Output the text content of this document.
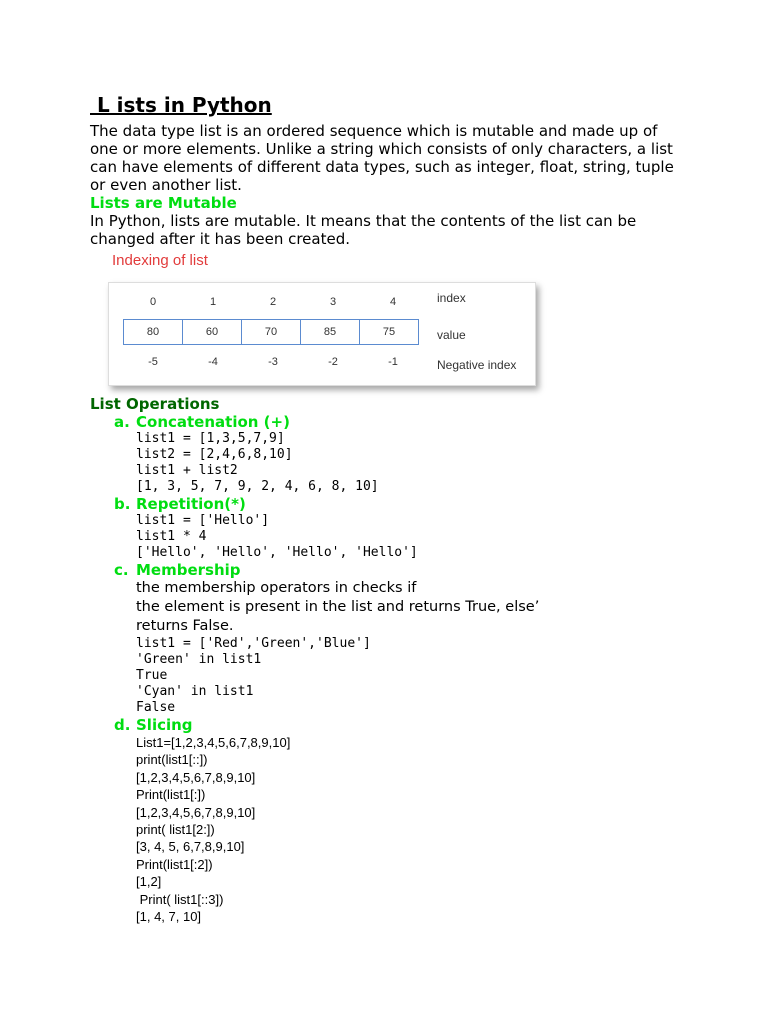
L ists in Python

The data type list is an ordered sequence which is mutable and made up of one or more elements. Unlike a string which consists of only characters, a list can have elements of different data types, such as integer, float, string, tuple or even another list.

Lists are Mutable

In Python, lists are mutable. It means that the contents of the list can be changed after it has been created.

Indexing of list
0	1	2	3	4
80	60	70	85	75
-5	-4	-3	-2	-1
index
value
Negative index

List Operations

a. Concatenation (+)

list1 = [1,3,5,7,9]

list2 = [2,4,6,8,10]

list1 + list2

[1, 3, 5, 7, 9, 2, 4, 6, 8, 10]

b. Repetition(*)

list1 = ['Hello']

list1 * 4

['Hello', 'Hello', 'Hello', 'Hello']

c. Membership

the membership operators in checks if

the element is present in the list and returns True, else’

returns False.

list1 = ['Red','Green','Blue']

'Green' in list1

True

'Cyan' in list1

False

d. Slicing

List1=[1,2,3,4,5,6,7,8,9,10]

print(list1[::])

[1,2,3,4,5,6,7,8,9,10]

Print(list1[:])

[1,2,3,4,5,6,7,8,9,10]

print( list1[2:])

[3, 4, 5, 6,7,8,9,10]

Print(list1[:2])

[1,2]

Print( list1[::3])

[1, 4, 7, 10]
